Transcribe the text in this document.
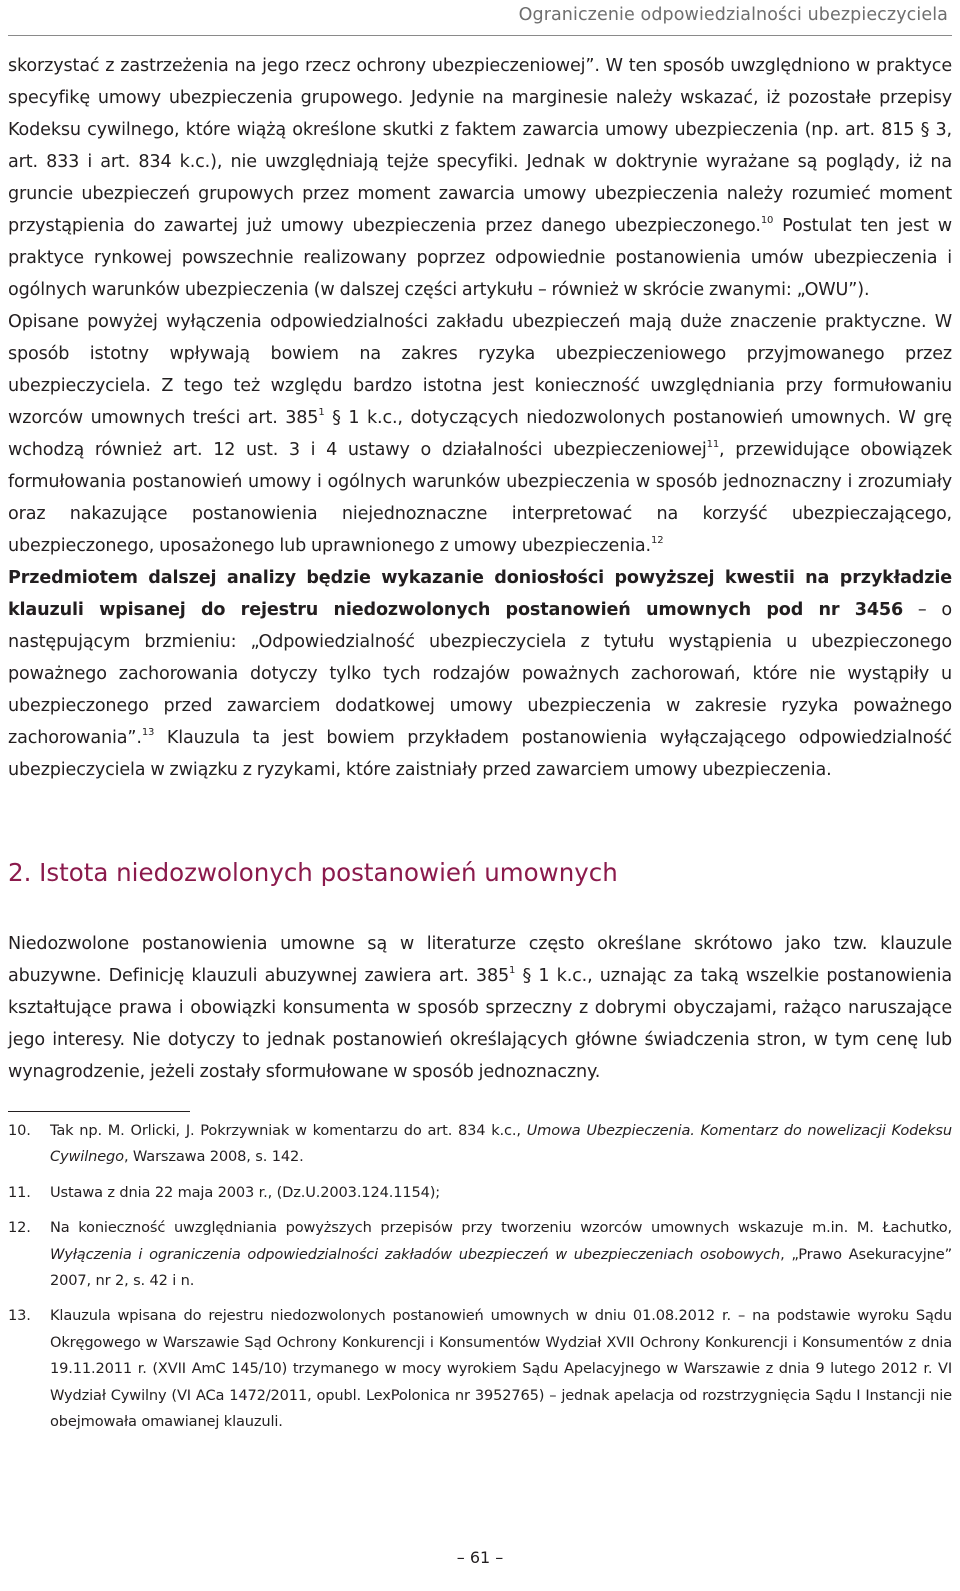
Ograniczenie odpowiedzialności ubezpieczyciela

skorzystać z zastrzeżenia na jego rzecz ochrony ubezpieczeniowej”. W ten sposób uwzględniono w praktyce specyfikę umowy ubezpieczenia grupowego. Jedynie na marginesie należy wskazać, iż pozostałe przepisy Kodeksu cywilnego, które wiążą określone skutki z faktem zawarcia umowy ubezpieczenia (np. art. 815 § 3, art. 833 i art. 834 k.c.), nie uwzględniają tejże specyfiki. Jednak w doktrynie wyrażane są poglądy, iż na gruncie ubezpieczeń grupowych przez moment zawarcia umowy ubezpieczenia należy rozumieć moment przystąpienia do zawartej już umowy ubezpieczenia przez danego ubezpieczonego.$^{10}$ Postulat ten jest w praktyce rynkowej powszechnie realizowany poprzez odpowiednie postanowienia umów ubezpieczenia i ogólnych warunków ubezpieczenia (w dalszej części artykułu – również w skrócie zwanymi: „OWU”).

Opisane powyżej wyłączenia odpowiedzialności zakładu ubezpieczeń mają duże znaczenie praktyczne. W sposób istotny wpływają bowiem na zakres ryzyka ubezpieczeniowego przyjmowanego przez ubezpieczyciela. Z tego też względu bardzo istotna jest konieczność uwzględniania przy formułowaniu wzorców umownych treści art. $385^1$ § 1 k.c., dotyczących niedozwolonych postanowień umownych. W grę wchodzą również art. 12 ust. 3 i 4 ustawy o działalności ubezpieczeniowej$^{11}$, przewidujące obowiązek formułowania postanowień umowy i ogólnych warunków ubezpieczenia w sposób jednoznaczny i zrozumiały oraz nakazujące postanowienia niejednoznaczne interpretować na korzyść ubezpieczającego, ubezpieczonego, uposażonego lub uprawnionego z umowy ubezpieczenia.$^{12}$

Przedmiotem dalszej analizy będzie wykazanie doniosłości powyższej kwestii na przykładzie klauzuli wpisanej do rejestru niedozwolonych postanowień umownych pod nr 3456 – o następującym brzmieniu: „Odpowiedzialność ubezpieczyciela z tytułu wystąpienia u ubezpieczonego poważnego zachorowania dotyczy tylko tych rodzajów poważnych zachorowań, które nie wystąpiły u ubezpieczonego przed zawarciem dodatkowej umowy ubezpieczenia w zakresie ryzyka poważnego zachorowania”.$^{13}$ Klauzula ta jest bowiem przykładem postanowienia wyłączającego odpowiedzialność ubezpieczyciela w związku z ryzykami, które zaistniały przed zawarciem umowy ubezpieczenia.

2. Istota niedozwolonych postanowień umownych

Niedozwolone postanowienia umowne są w literaturze często określane skrótowo jako tzw. klauzule abuzywne. Definicję klauzuli abuzywnej zawiera art. $385^1$ § 1 k.c., uznając za taką wszelkie postanowienia kształtujące prawa i obowiązki konsumenta w sposób sprzeczny z dobrymi obyczajami, rażąco naruszające jego interesy. Nie dotyczy to jednak postanowień określających główne świadczenia stron, w tym cenę lub wynagrodzenie, jeżeli zostały sformułowane w sposób jednoznaczny.

10.	Tak np. M. Orlicki, J. Pokrzywniak w komentarzu do art. 834 k.c., Umowa Ubezpieczenia. Komentarz do nowelizacji Kodeksu Cywilnego, Warszawa 2008, s. 142.
11.	Ustawa z dnia 22 maja 2003 r., (Dz.U.2003.124.1154);
12.	Na konieczność uwzględniania powyższych przepisów przy tworzeniu wzorców umownych wskazuje m.in. M. Łachutko, Wyłączenia i ograniczenia odpowiedzialności zakładów ubezpieczeń w ubezpieczeniach osobowych, „Prawo Asekuracyjne” 2007, nr 2, s. 42 i n.
13.	Klauzula wpisana do rejestru niedozwolonych postanowień umownych w dniu 01.08.2012 r. – na podstawie wyroku Sądu Okręgowego w Warszawie Sąd Ochrony Konkurencji i Konsumentów Wydział XVII Ochrony Konkurencji i Konsumentów z dnia 19.11.2011 r. (XVII AmC 145/10) trzymanego w mocy wyrokiem Sądu Apelacyjnego w Warszawie z dnia 9 lutego 2012 r. VI Wydział Cywilny (VI ACa 1472/2011, opubl. LexPolonica nr 3952765) – jednak apelacja od rozstrzygnięcia Sądu I Instancji nie obejmowała omawianej klauzuli.
– 61 –
